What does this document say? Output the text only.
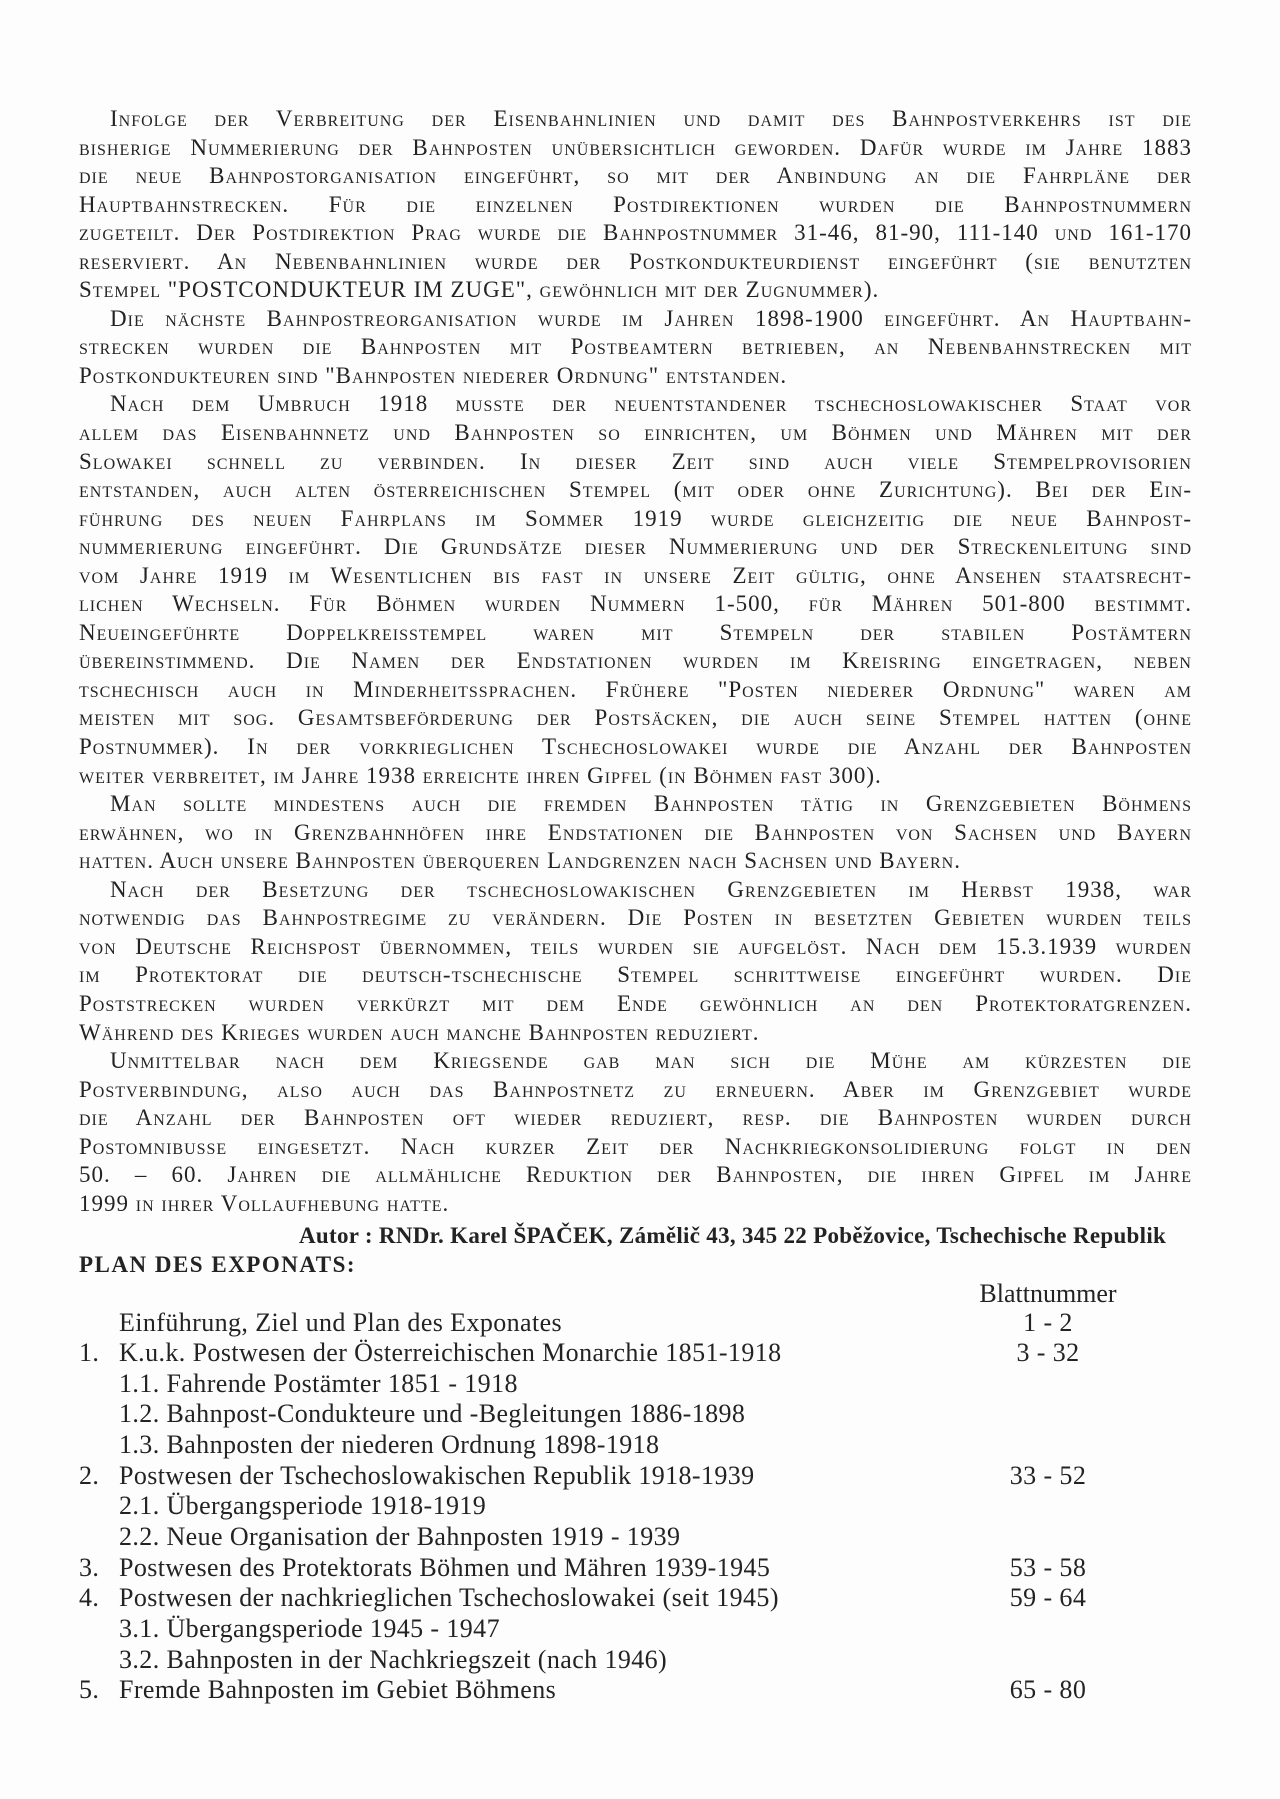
Infolge der Verbreitung der Eisenbahnlinien und damit des Bahnpostverkehrs ist die
bisherige Nummerierung der Bahnposten unübersichtlich geworden. Dafür wurde im Jahre 1883
die neue Bahnpostorganisation eingeführt, so mit der Anbindung an die Fahrpläne der
Hauptbahnstrecken. Für die einzelnen Postdirektionen wurden die Bahnpostnummern
zugeteilt. Der Postdirektion Prag wurde die Bahnpostnummer 31-46, 81-90, 111-140 und 161-170
reserviert. An Nebenbahnlinien wurde der Postkondukteurdienst eingeführt (sie benutzten
Stempel "POSTCONDUKTEUR IM ZUGE", gewöhnlich mit der Zugnummer).
Die nächste Bahnpostreorganisation wurde im Jahren 1898-1900 eingeführt. An Hauptbahn-
strecken wurden die Bahnposten mit Postbeamtern betrieben, an Nebenbahnstrecken mit
Postkondukteuren sind "Bahnposten niederer Ordnung" entstanden.
Nach dem Umbruch 1918 musste der neuentstandener tschechoslowakischer Staat vor
allem das Eisenbahnnetz und Bahnposten so einrichten, um Böhmen und Mähren mit der
Slowakei schnell zu verbinden. In dieser Zeit sind auch viele Stempelprovisorien
entstanden, auch alten österreichischen Stempel (mit oder ohne Zurichtung). Bei der Ein-
führung des neuen Fahrplans im Sommer 1919 wurde gleichzeitig die neue Bahnpost-
nummerierung eingeführt. Die Grundsätze dieser Nummerierung und der Streckenleitung sind
vom Jahre 1919 im Wesentlichen bis fast in unsere Zeit gültig, ohne Ansehen staatsrecht-
lichen Wechseln. Für Böhmen wurden Nummern 1-500, für Mähren 501-800 bestimmt.
Neueingeführte Doppelkreisstempel waren mit Stempeln der stabilen Postämtern
übereinstimmend. Die Namen der Endstationen wurden im Kreisring eingetragen, neben
tschechisch auch in Minderheitssprachen. Frühere "Posten niederer Ordnung" waren am
meisten mit sog. Gesamtsbeförderung der Postsäcken, die auch seine Stempel hatten (ohne
Postnummer). In der vorkrieglichen Tschechoslowakei wurde die Anzahl der Bahnposten
weiter verbreitet, im Jahre 1938 erreichte ihren Gipfel (in Böhmen fast 300).
Man sollte mindestens auch die fremden Bahnposten tätig in Grenzgebieten Böhmens
erwähnen, wo in Grenzbahnhöfen ihre Endstationen die Bahnposten von Sachsen und Bayern
hatten. Auch unsere Bahnposten überqueren Landgrenzen nach Sachsen und Bayern.
Nach der Besetzung der tschechoslowakischen Grenzgebieten im Herbst 1938, war
notwendig das Bahnpostregime zu verändern. Die Posten in besetzten Gebieten wurden teils
von Deutsche Reichspost übernommen, teils wurden sie aufgelöst. Nach dem 15.3.1939 wurden
im Protektorat die deutsch-tschechische Stempel schrittweise eingeführt wurden. Die
Poststrecken wurden verkürzt mit dem Ende gewöhnlich an den Protektoratgrenzen.
Während des Krieges wurden auch manche Bahnposten reduziert.
Unmittelbar nach dem Kriegsende gab man sich die Mühe am kürzesten die
Postverbindung, also auch das Bahnpostnetz zu erneuern. Aber im Grenzgebiet wurde
die Anzahl der Bahnposten oft wieder reduziert, resp. die Bahnposten wurden durch
Postomnibusse eingesetzt. Nach kurzer Zeit der Nachkriegkonsolidierung folgt in den
50. – 60. Jahren die allmähliche Reduktion der Bahnposten, die ihren Gipfel im Jahre
1999 in ihrer Vollaufhebung hatte.
Autor : RNDr. Karel ŠPAČEK, Zámělič 43, 345 22 Poběžovice, Tschechische Republik
PLAN DES EXPONATS:
Blattnummer
Einführung, Ziel und Plan des Exponates	1 - 2
1. K.u.k. Postwesen der Österreichischen Monarchie 1851-1918	3 - 32
1.1. Fahrende Postämter 1851 - 1918
1.2. Bahnpost-Condukteure und -Begleitungen 1886-1898
1.3. Bahnposten der niederen Ordnung 1898-1918
2. Postwesen der Tschechoslowakischen Republik 1918-1939	33 - 52
2.1. Übergangsperiode 1918-1919
2.2. Neue Organisation der Bahnposten 1919 - 1939
3. Postwesen des Protektorats Böhmen und Mähren 1939-1945	53 - 58
4. Postwesen der nachkrieglichen Tschechoslowakei (seit 1945)	59 - 64
3.1. Übergangsperiode 1945 - 1947
3.2. Bahnposten in der Nachkriegszeit (nach 1946)
5. Fremde Bahnposten im Gebiet Böhmens	65 - 80
